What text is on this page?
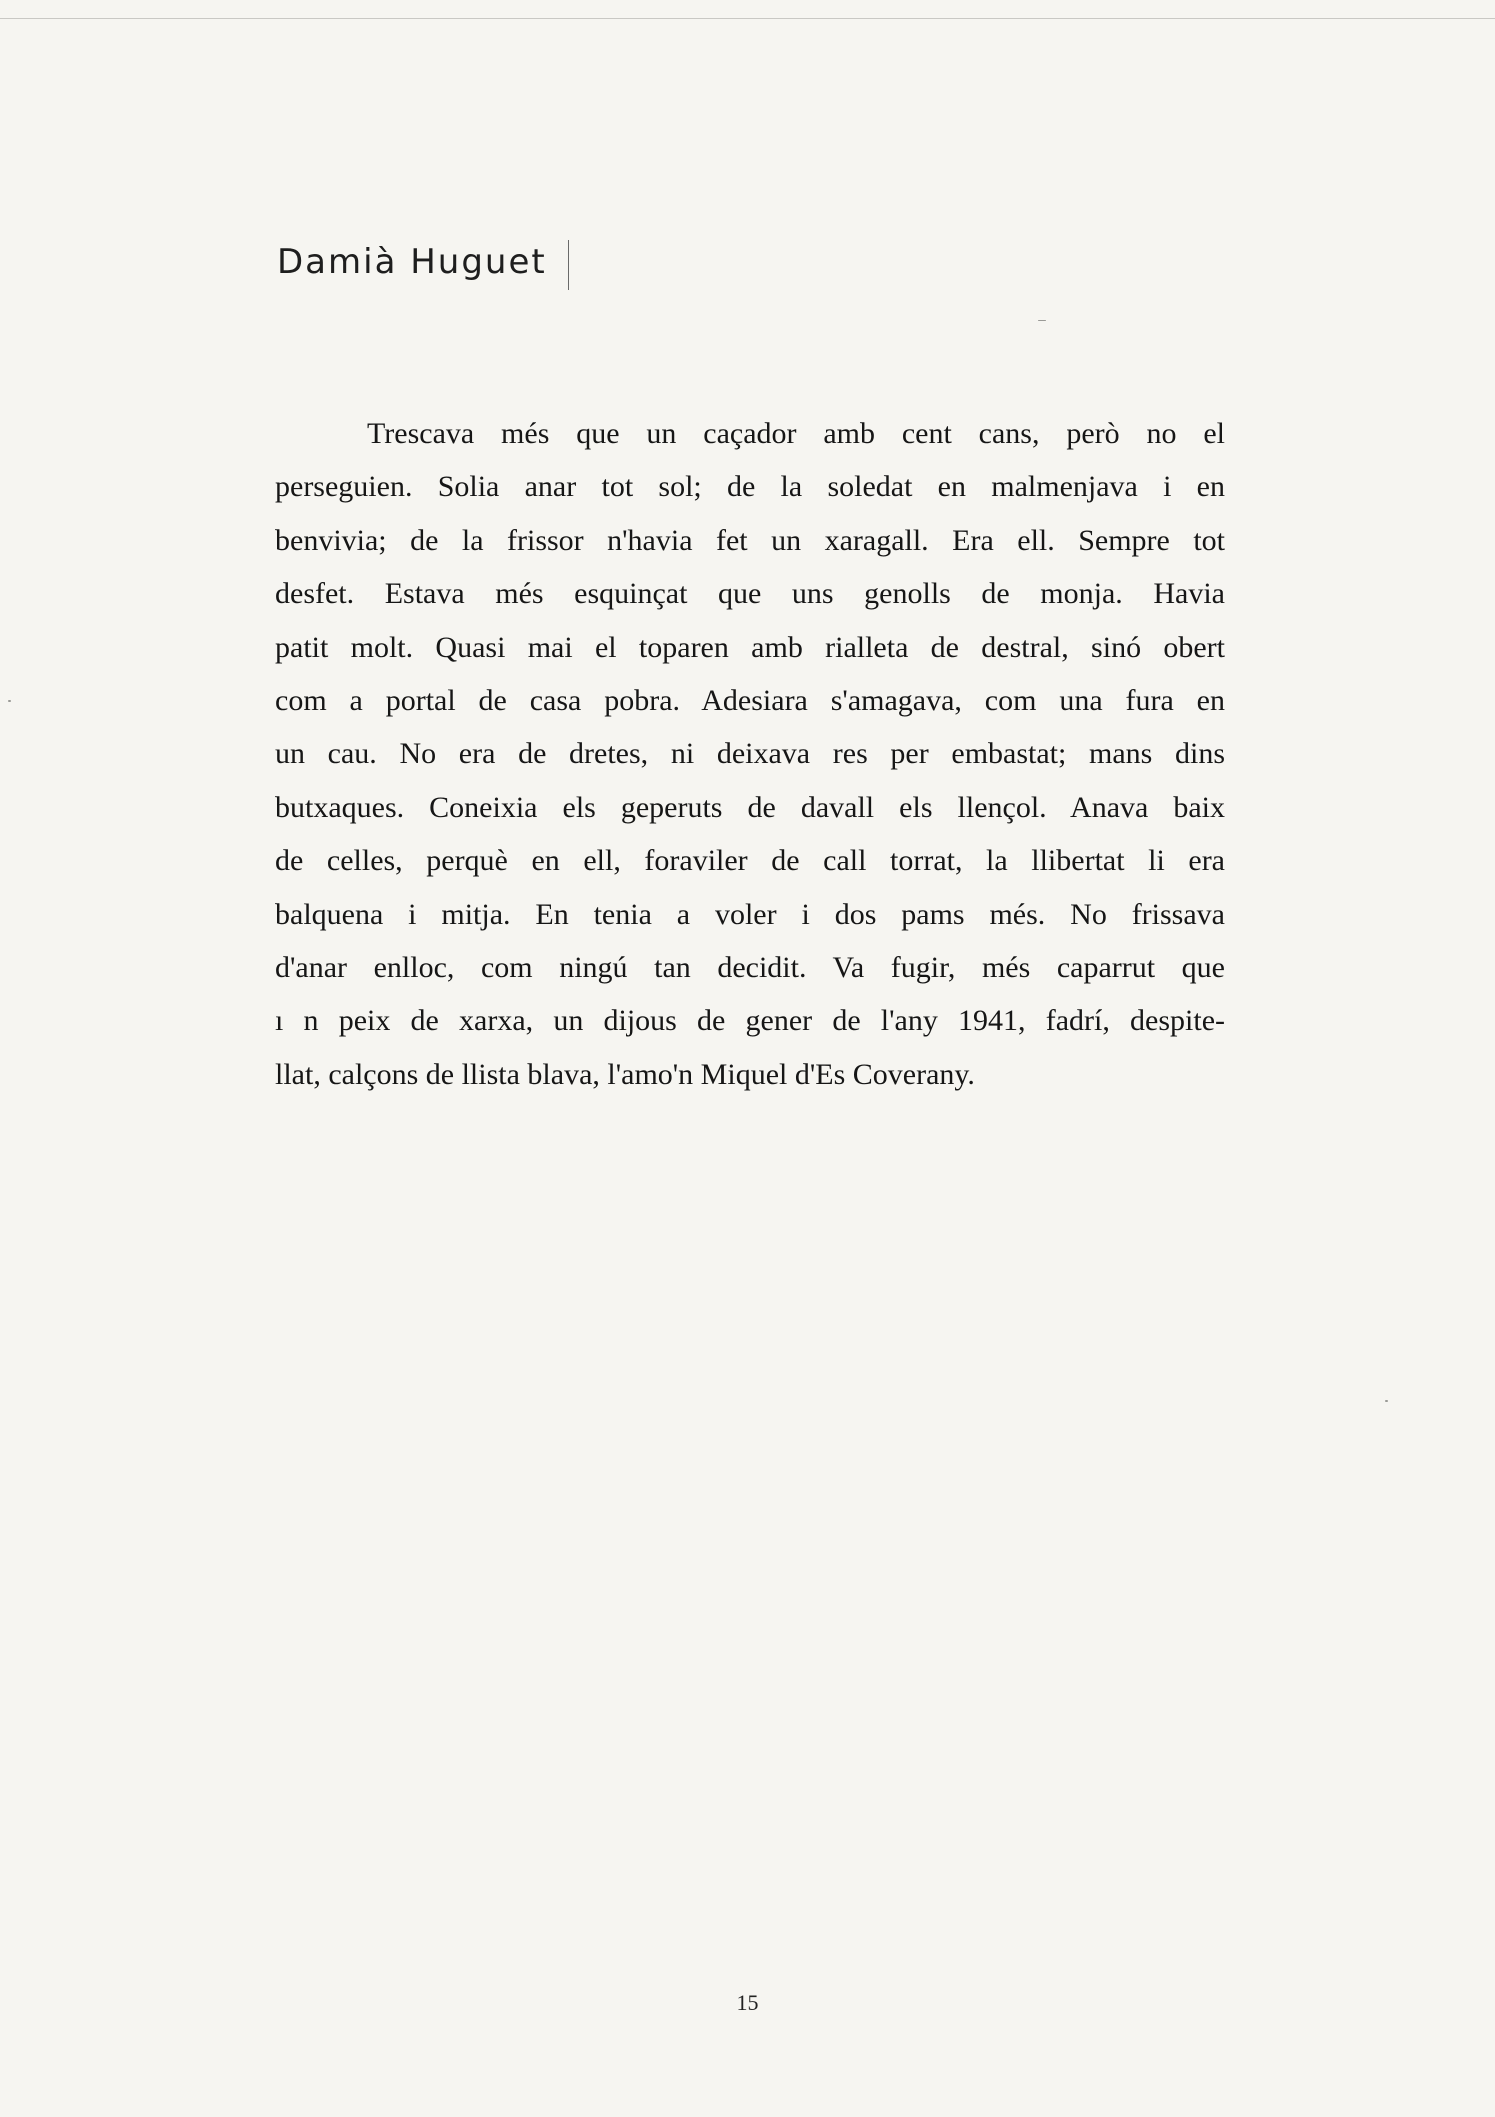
Damià Huguet
Trescava més que un caçador amb cent cans, però no el
perseguien. Solia anar tot sol; de la soledat en malmenjava i en
benvivia; de la frissor n'havia fet un xaragall. Era ell. Sempre tot
desfet. Estava més esquinçat que uns genolls de monja. Havia
patit molt. Quasi mai el toparen amb rialleta de destral, sinó obert
com a portal de casa pobra. Adesiara s'amagava, com una fura en
un cau. No era de dretes, ni deixava res per embastat; mans dins
butxaques. Coneixia els geperuts de davall els llençol. Anava baix
de celles, perquè en ell, foraviler de call torrat, la llibertat li era
balquena i mitja. En tenia a voler i dos pams més. No frissava
d'anar enlloc, com ningú tan decidit. Va fugir, més caparrut que
ı n peix de xarxa, un dijous de gener de l'any 1941, fadrí, despite-
llat, calçons de llista blava, l'amo'n Miquel d'Es Coverany.
15
